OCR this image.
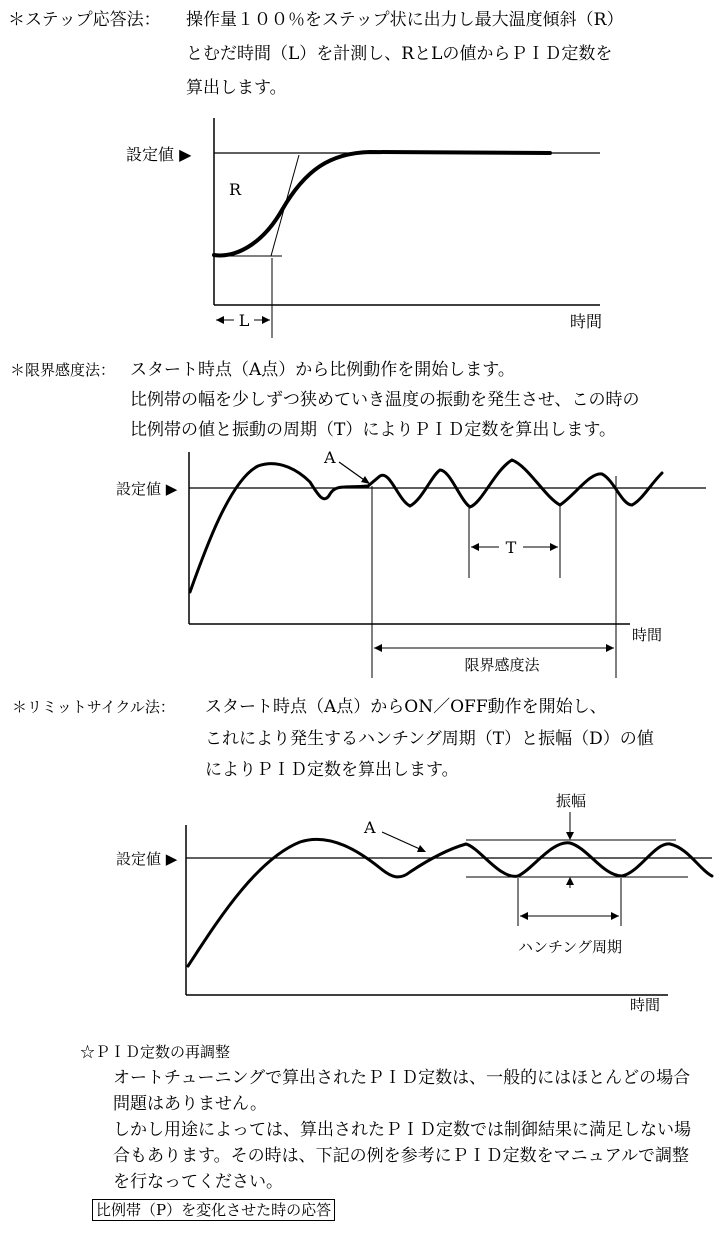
＊ステップ応答法： 操作量１００％をステップ状に出力し最大温度傾斜（R）
とむだ時間（L）を計測し、RとLの値からＰＩＤ定数を
算出します。
L
R
設定値 ▶
時間
T
限界感度法
A
設定値 ▶
時間
振幅
ハンチング周期
A
設定値 ▶
時間
＊限界感度法： スタート時点（A点）から比例動作を開始します。
比例帯の幅を少しずつ狭めていき温度の振動を発生させ、この時の
比例帯の値と振動の周期（T）によりＰＩＤ定数を算出します。
＊リミットサイクル法： スタート時点（A点）からON／OFF動作を開始し、
これにより発生するハンチング周期（T）と振幅（D）の値
によりＰＩＤ定数を算出します。
☆ＰＩＤ定数の再調整
オートチューニングで算出されたＰＩＤ定数は、一般的にはほとんどの場合
問題はありません。
しかし用途によっては、算出されたＰＩＤ定数では制御結果に満足しない場
合もあります。その時は、下記の例を参考にＰＩＤ定数をマニュアルで調整
を行なってください。
比例帯（P）を変化させた時の応答
